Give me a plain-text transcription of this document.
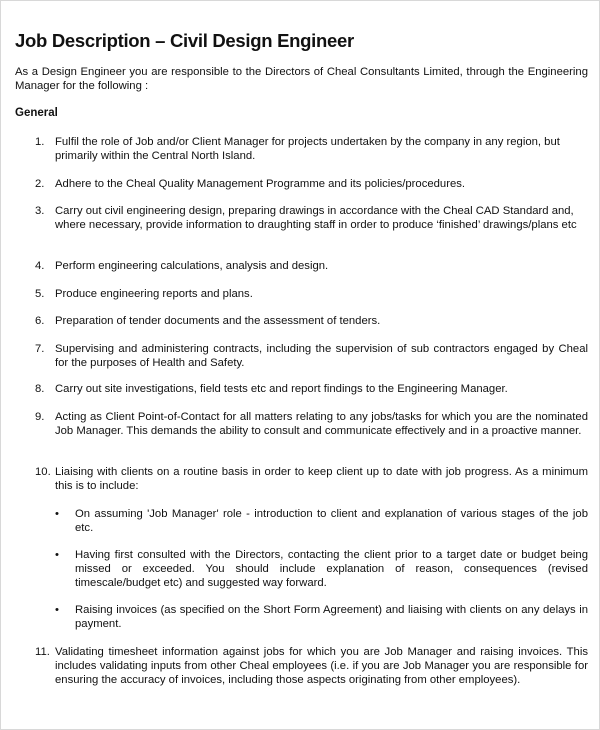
Job Description – Civil Design Engineer
As a Design Engineer you are responsible to the Directors of Cheal Consultants Limited, through the Engineering Manager for the following :
General
1. Fulfil the role of Job and/or Client Manager for projects undertaken by the company in any region, but primarily within the Central North Island.
2. Adhere to the Cheal Quality Management Programme and its policies/procedures.
3. Carry out civil engineering design, preparing drawings in accordance with the Cheal CAD Standard and, where necessary, provide information to draughting staff in order to produce ‘finished’ drawings/plans etc
4. Perform engineering calculations, analysis and design.
5. Produce engineering reports and plans.
6. Preparation of tender documents and the assessment of tenders.
7. Supervising and administering contracts, including the supervision of sub contractors engaged by Cheal for the purposes of Health and Safety.
8. Carry out site investigations, field tests etc and report findings to the Engineering Manager.
9. Acting as Client Point-of-Contact for all matters relating to any jobs/tasks for which you are the nominated Job Manager. This demands the ability to consult and communicate effectively and in a proactive manner.
10. Liaising with clients on a routine basis in order to keep client up to date with job progress. As a minimum this is to include:
• On assuming 'Job Manager' role - introduction to client and explanation of various stages of the job etc.
• Having first consulted with the Directors, contacting the client prior to a target date or budget being missed or exceeded. You should include explanation of reason, consequences (revised timescale/budget etc) and suggested way forward.
• Raising invoices (as specified on the Short Form Agreement) and liaising with clients on any delays in payment.
11. Validating timesheet information against jobs for which you are Job Manager and raising invoices. This includes validating inputs from other Cheal employees (i.e. if you are Job Manager you are responsible for ensuring the accuracy of invoices, including those aspects originating from other employees).
